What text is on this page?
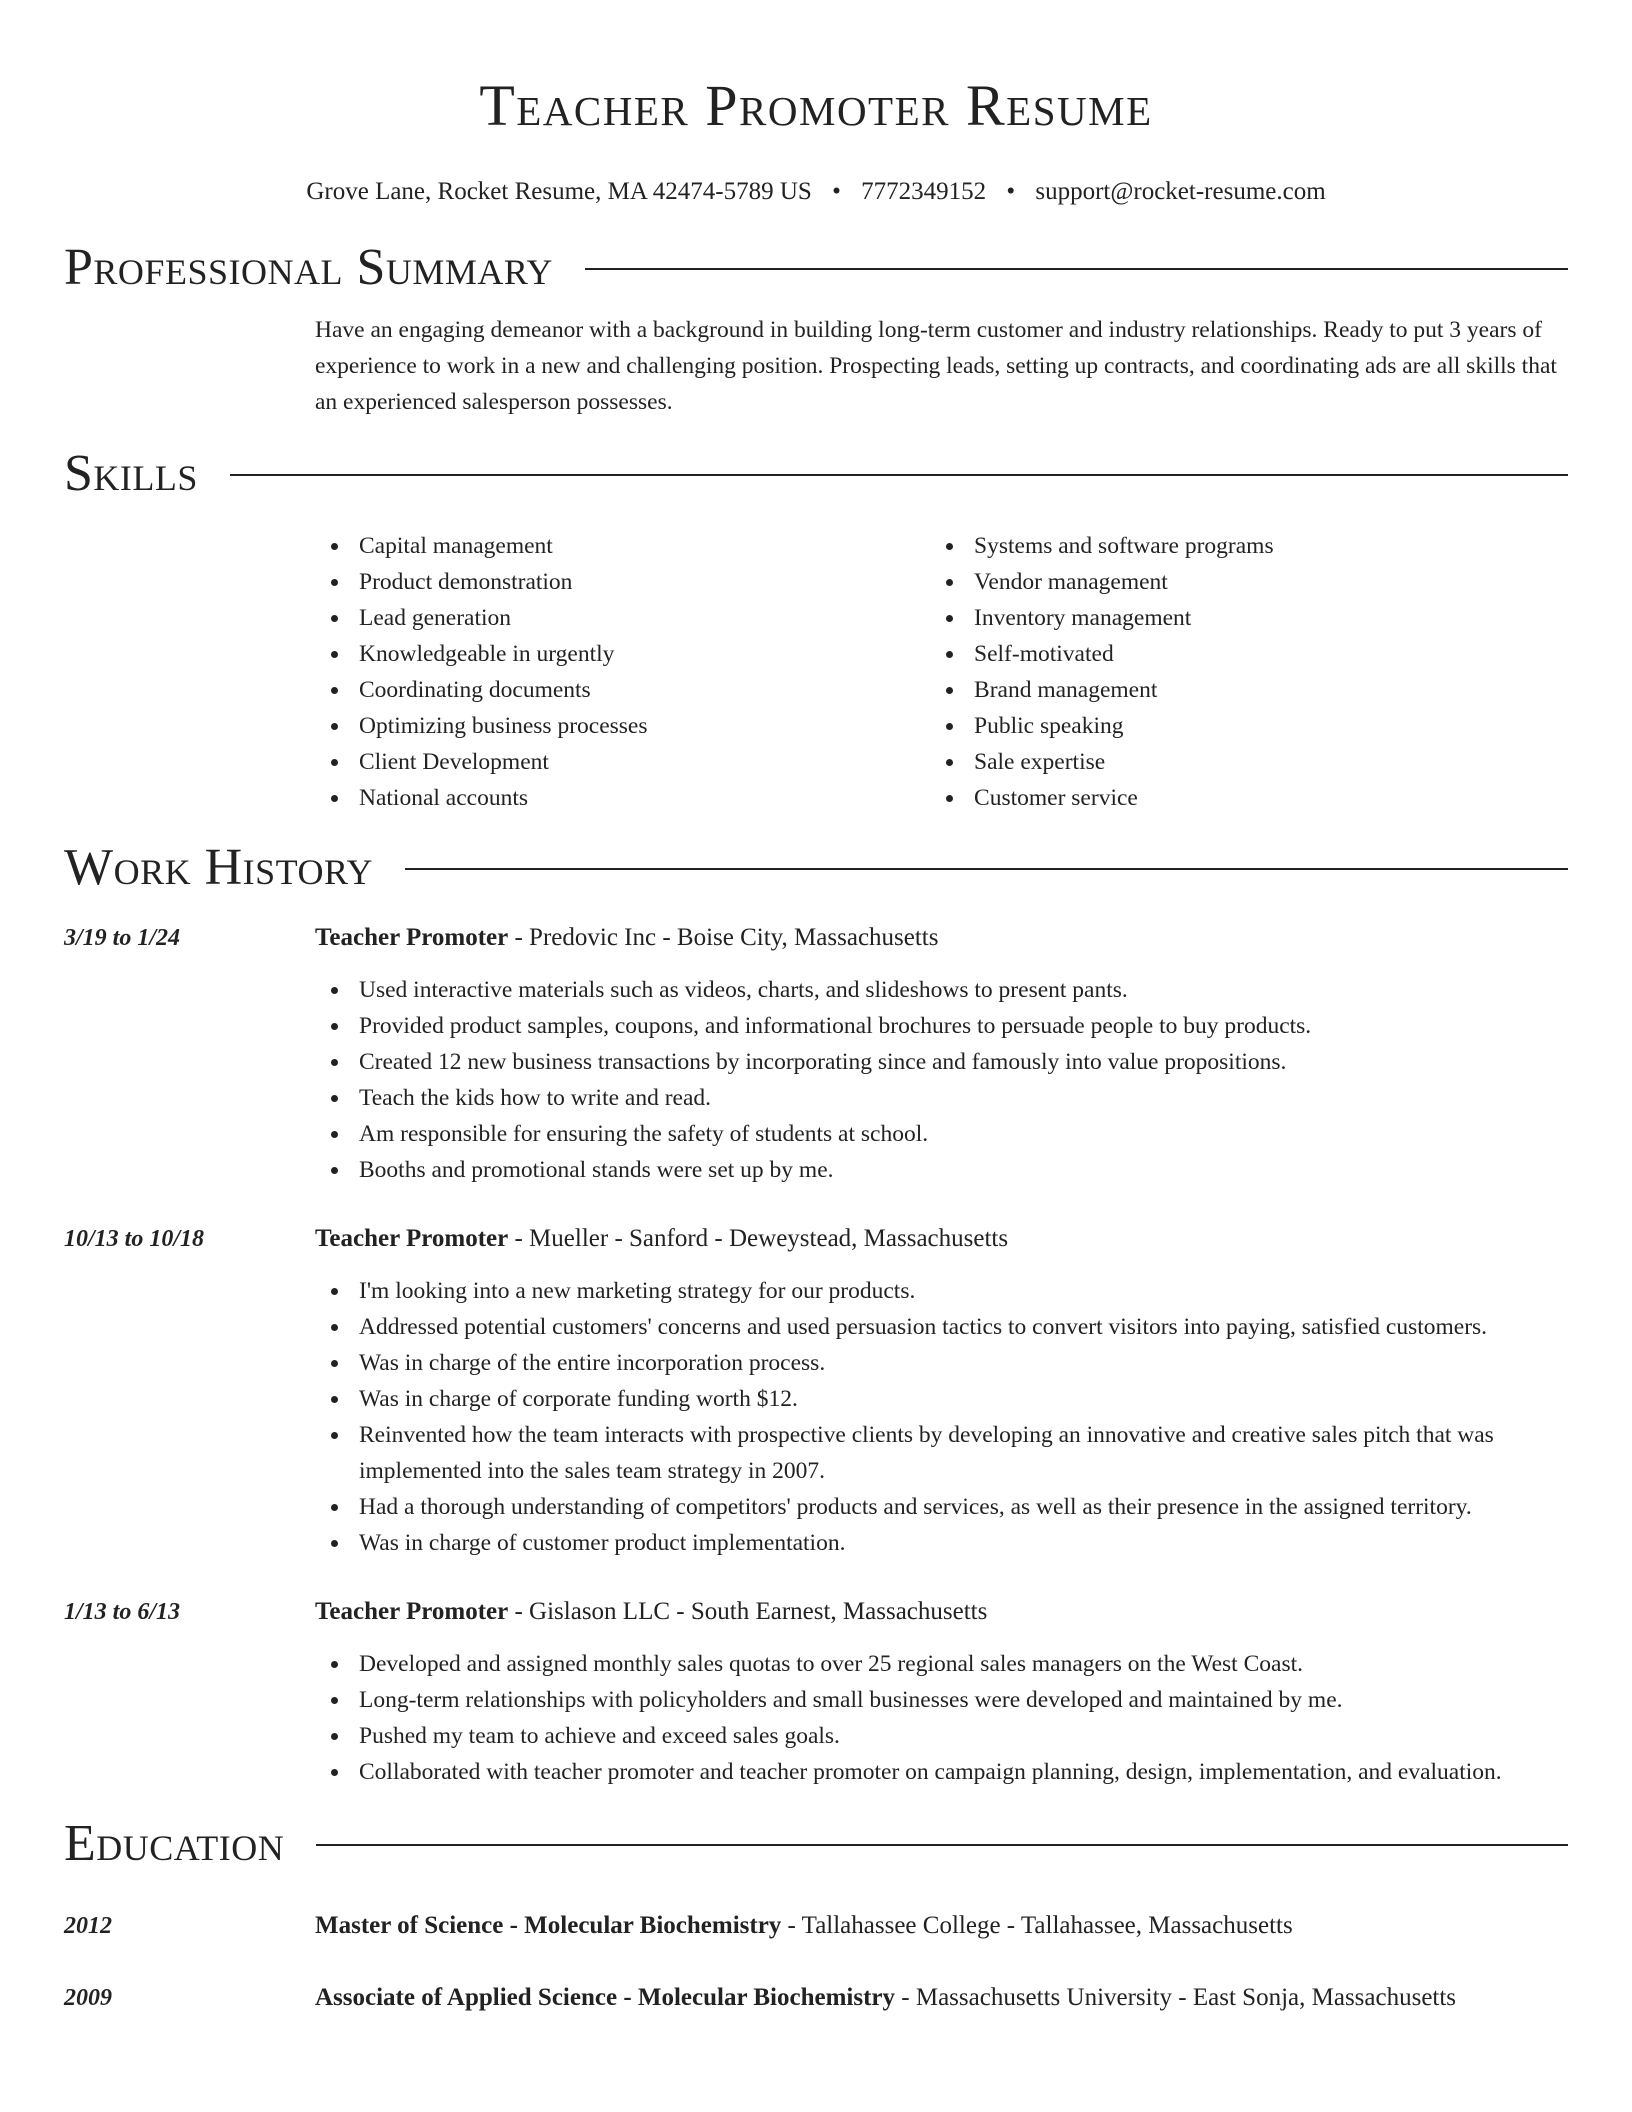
Teacher Promoter Resume
Grove Lane, Rocket Resume, MA 42474-5789 US • 7772349152 • support@rocket-resume.com
Professional Summary
Have an engaging demeanor with a background in building long-term customer and industry relationships. Ready to put 3 years of experience to work in a new and challenging position. Prospecting leads, setting up contracts, and coordinating ads are all skills that an experienced salesperson possesses.
Skills
Capital management
Product demonstration
Lead generation
Knowledgeable in urgently
Coordinating documents
Optimizing business processes
Client Development
National accounts
Systems and software programs
Vendor management
Inventory management
Self-motivated
Brand management
Public speaking
Sale expertise
Customer service
Work History
3/19 to 1/24	Teacher Promoter - Predovic Inc - Boise City, Massachusetts
Used interactive materials such as videos, charts, and slideshows to present pants.
Provided product samples, coupons, and informational brochures to persuade people to buy products.
Created 12 new business transactions by incorporating since and famously into value propositions.
Teach the kids how to write and read.
Am responsible for ensuring the safety of students at school.
Booths and promotional stands were set up by me.
10/13 to 10/18	Teacher Promoter - Mueller - Sanford - Deweystead, Massachusetts
I'm looking into a new marketing strategy for our products.
Addressed potential customers' concerns and used persuasion tactics to convert visitors into paying, satisfied customers.
Was in charge of the entire incorporation process.
Was in charge of corporate funding worth $12.
Reinvented how the team interacts with prospective clients by developing an innovative and creative sales pitch that was implemented into the sales team strategy in 2007.
Had a thorough understanding of competitors' products and services, as well as their presence in the assigned territory.
Was in charge of customer product implementation.
1/13 to 6/13	Teacher Promoter - Gislason LLC - South Earnest, Massachusetts
Developed and assigned monthly sales quotas to over 25 regional sales managers on the West Coast.
Long-term relationships with policyholders and small businesses were developed and maintained by me.
Pushed my team to achieve and exceed sales goals.
Collaborated with teacher promoter and teacher promoter on campaign planning, design, implementation, and evaluation.
Education
2012	Master of Science - Molecular Biochemistry - Tallahassee College - Tallahassee, Massachusetts
2009	Associate of Applied Science - Molecular Biochemistry - Massachusetts University - East Sonja, Massachusetts
